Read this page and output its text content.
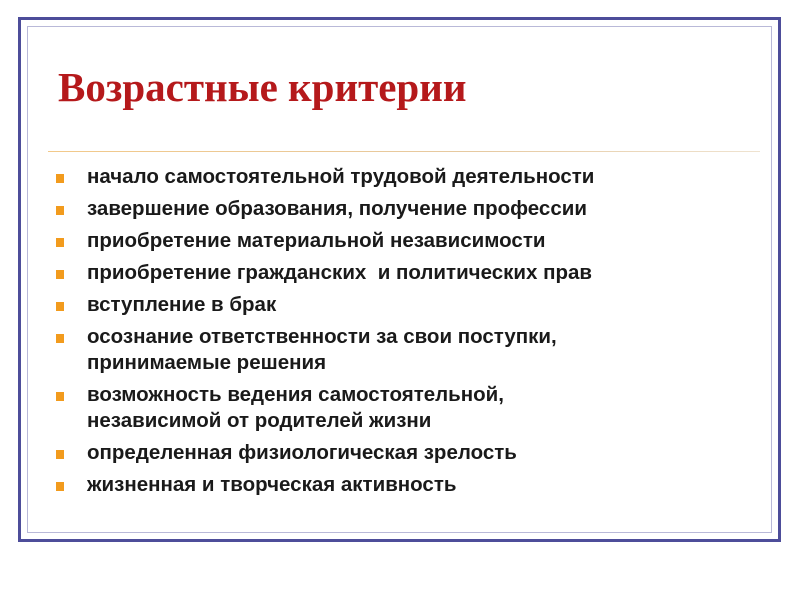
Возрастные критерии
начало самостоятельной трудовой деятельности
завершение образования, получение профессии
приобретение материальной независимости
приобретение гражданских  и политических прав
вступление в брак
осознание ответственности за свои поступки,
принимаемые решения
возможность ведения самостоятельной,
независимой от родителей жизни
определенная физиологическая зрелость
жизненная и творческая активность
